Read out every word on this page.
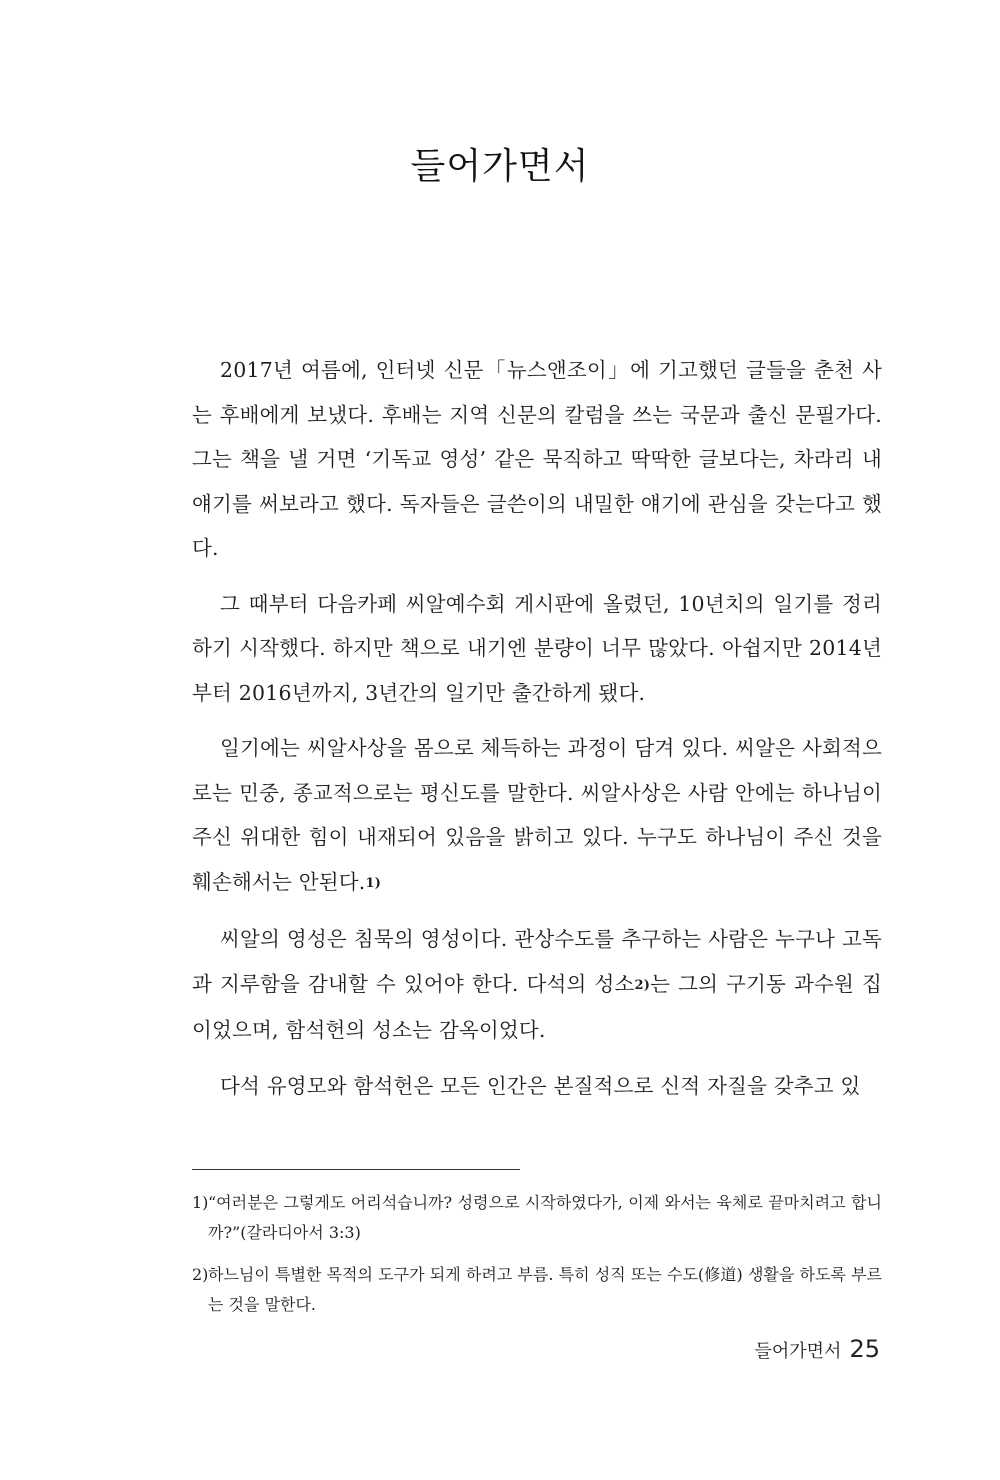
들어가면서

2017년 여름에, 인터넷 신문「뉴스앤조이」에 기고했던 글들을 춘천 사는 후배에게 보냈다. 후배는 지역 신문의 칼럼을 쓰는 국문과 출신 문필가다. 그는 책을 낼 거면 ‘기독교 영성’ 같은 묵직하고 딱딱한 글보다는, 차라리 내 얘기를 써보라고 했다. 독자들은 글쓴이의 내밀한 얘기에 관심을 갖는다고 했다.

그 때부터 다음카페 씨알예수회 게시판에 올렸던, 10년치의 일기를 정리하기 시작했다. 하지만 책으로 내기엔 분량이 너무 많았다. 아쉽지만 2014년부터 2016년까지, 3년간의 일기만 출간하게 됐다.

일기에는 씨알사상을 몸으로 체득하는 과정이 담겨 있다. 씨알은 사회적으로는 민중, 종교적으로는 평신도를 말한다. 씨알사상은 사람 안에는 하나님이 주신 위대한 힘이 내재되어 있음을 밝히고 있다. 누구도 하나님이 주신 것을 훼손해서는 안된다.1)

씨알의 영성은 침묵의 영성이다. 관상수도를 추구하는 사람은 누구나 고독과 지루함을 감내할 수 있어야 한다. 다석의 성소2)는 그의 구기동 과수원 집이었으며, 함석헌의 성소는 감옥이었다.

다석 유영모와 함석헌은 모든 인간은 본질적으로 신적 자질을 갖추고 있

1) “여러분은 그렇게도 어리석습니까? 성령으로 시작하였다가, 이제 와서는 육체로 끝마치려고 합니까?”(갈라디아서 3:3)

2) 하느님이 특별한 목적의 도구가 되게 하려고 부름. 특히 성직 또는 수도(修道) 생활을 하도록 부르는 것을 말한다.

들어가면서 25
